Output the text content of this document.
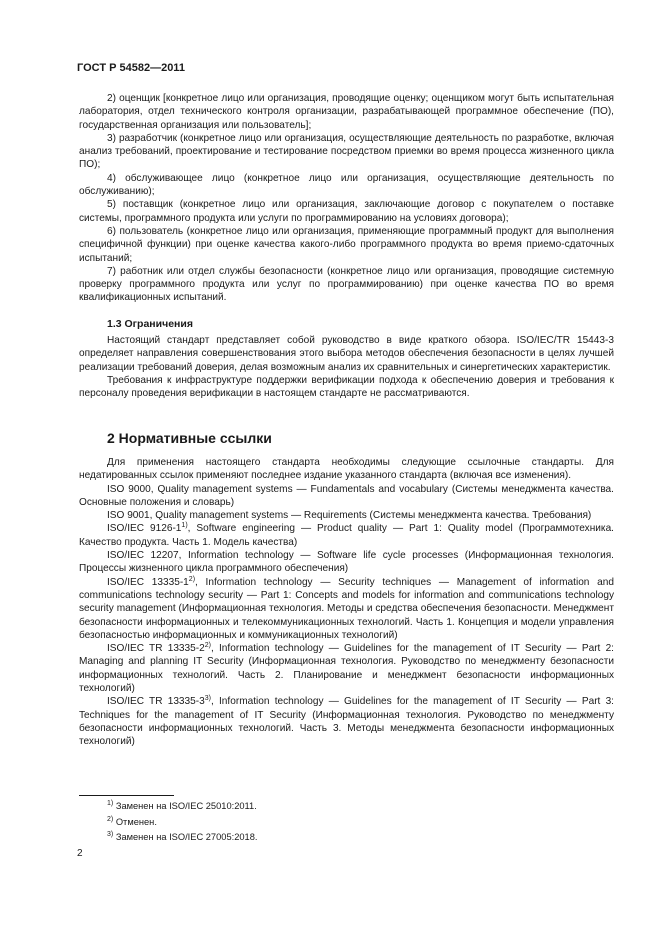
ГОСТ Р 54582—2011

2) оценщик [конкретное лицо или организация, проводящие оценку; оценщиком могут быть испытательная лаборатория, отдел технического контроля организации, разрабатывающей программное обеспечение (ПО), государственная организация или пользователь];

3) разработчик (конкретное лицо или организация, осуществляющие деятельность по разработке, включая анализ требований, проектирование и тестирование посредством приемки во время процесса жизненного цикла ПО);

4) обслуживающее лицо (конкретное лицо или организация, осуществляющие деятельность по обслуживанию);

5) поставщик (конкретное лицо или организация, заключающие договор с покупателем о поставке системы, программного продукта или услуги по программированию на условиях договора);

6) пользователь (конкретное лицо или организация, применяющие программный продукт для выполнения специфичной функции) при оценке качества какого-либо программного продукта во время приемо-сдаточных испытаний;

7) работник или отдел службы безопасности (конкретное лицо или организация, проводящие системную проверку программного продукта или услуг по программированию) при оценке качества ПО во время квалификационных испытаний.

1.3 Ограничения

Настоящий стандарт представляет собой руководство в виде краткого обзора. ISO/IEC/TR 15443-3 определяет направления совершенствования этого выбора методов обеспечения безопасности в целях лучшей реализации требований доверия, делая возможным анализ их сравнительных и синергетических характеристик.

Требования к инфраструктуре поддержки верификации подхода к обеспечению доверия и требования к персоналу проведения верификации в настоящем стандарте не рассматриваются.

2 Нормативные ссылки

Для применения настоящего стандарта необходимы следующие ссылочные стандарты. Для недатированных ссылок применяют последнее издание указанного стандарта (включая все изменения).

ISO 9000, Quality management systems — Fundamentals and vocabulary (Системы менеджмента качества. Основные положения и словарь)

ISO 9001, Quality management systems — Requirements (Системы менеджмента качества. Требования)

ISO/IEC 9126-1$^{1)}$, Software engineering — Product quality — Part 1: Quality model (Программотехника. Качество продукта. Часть 1. Модель качества)

ISO/IEC 12207, Information technology — Software life cycle processes (Информационная технология. Процессы жизненного цикла программного обеспечения)

ISO/IEC 13335-1$^{2)}$, Information technology — Security techniques — Management of information and communications technology security — Part 1: Concepts and models for information and communications technology security management (Информационная технология. Методы и средства обеспечения безопасности. Менеджмент безопасности информационных и телекоммуникационных технологий. Часть 1. Концепция и модели управления безопасностью информационных и коммуникационных технологий)

ISO/IEC TR 13335-2$^{2)}$, Information technology — Guidelines for the management of IT Security — Part 2: Managing and planning IT Security (Информационная технология. Руководство по менеджменту безопасности информационных технологий. Часть 2. Планирование и менеджмент безопасности информационных технологий)

ISO/IEC TR 13335-3$^{3)}$, Information technology — Guidelines for the management of IT Security — Part 3: Techniques for the management of IT Security (Информационная технология. Руководство по менеджменту безопасности информационных технологий. Часть 3. Методы менеджмента безопасности информационных технологий)

$^{1)}$ Заменен на ISO/IEC 25010:2011.
$^{2)}$ Отменен.
$^{3)}$ Заменен на ISO/IEC 27005:2018.
2
